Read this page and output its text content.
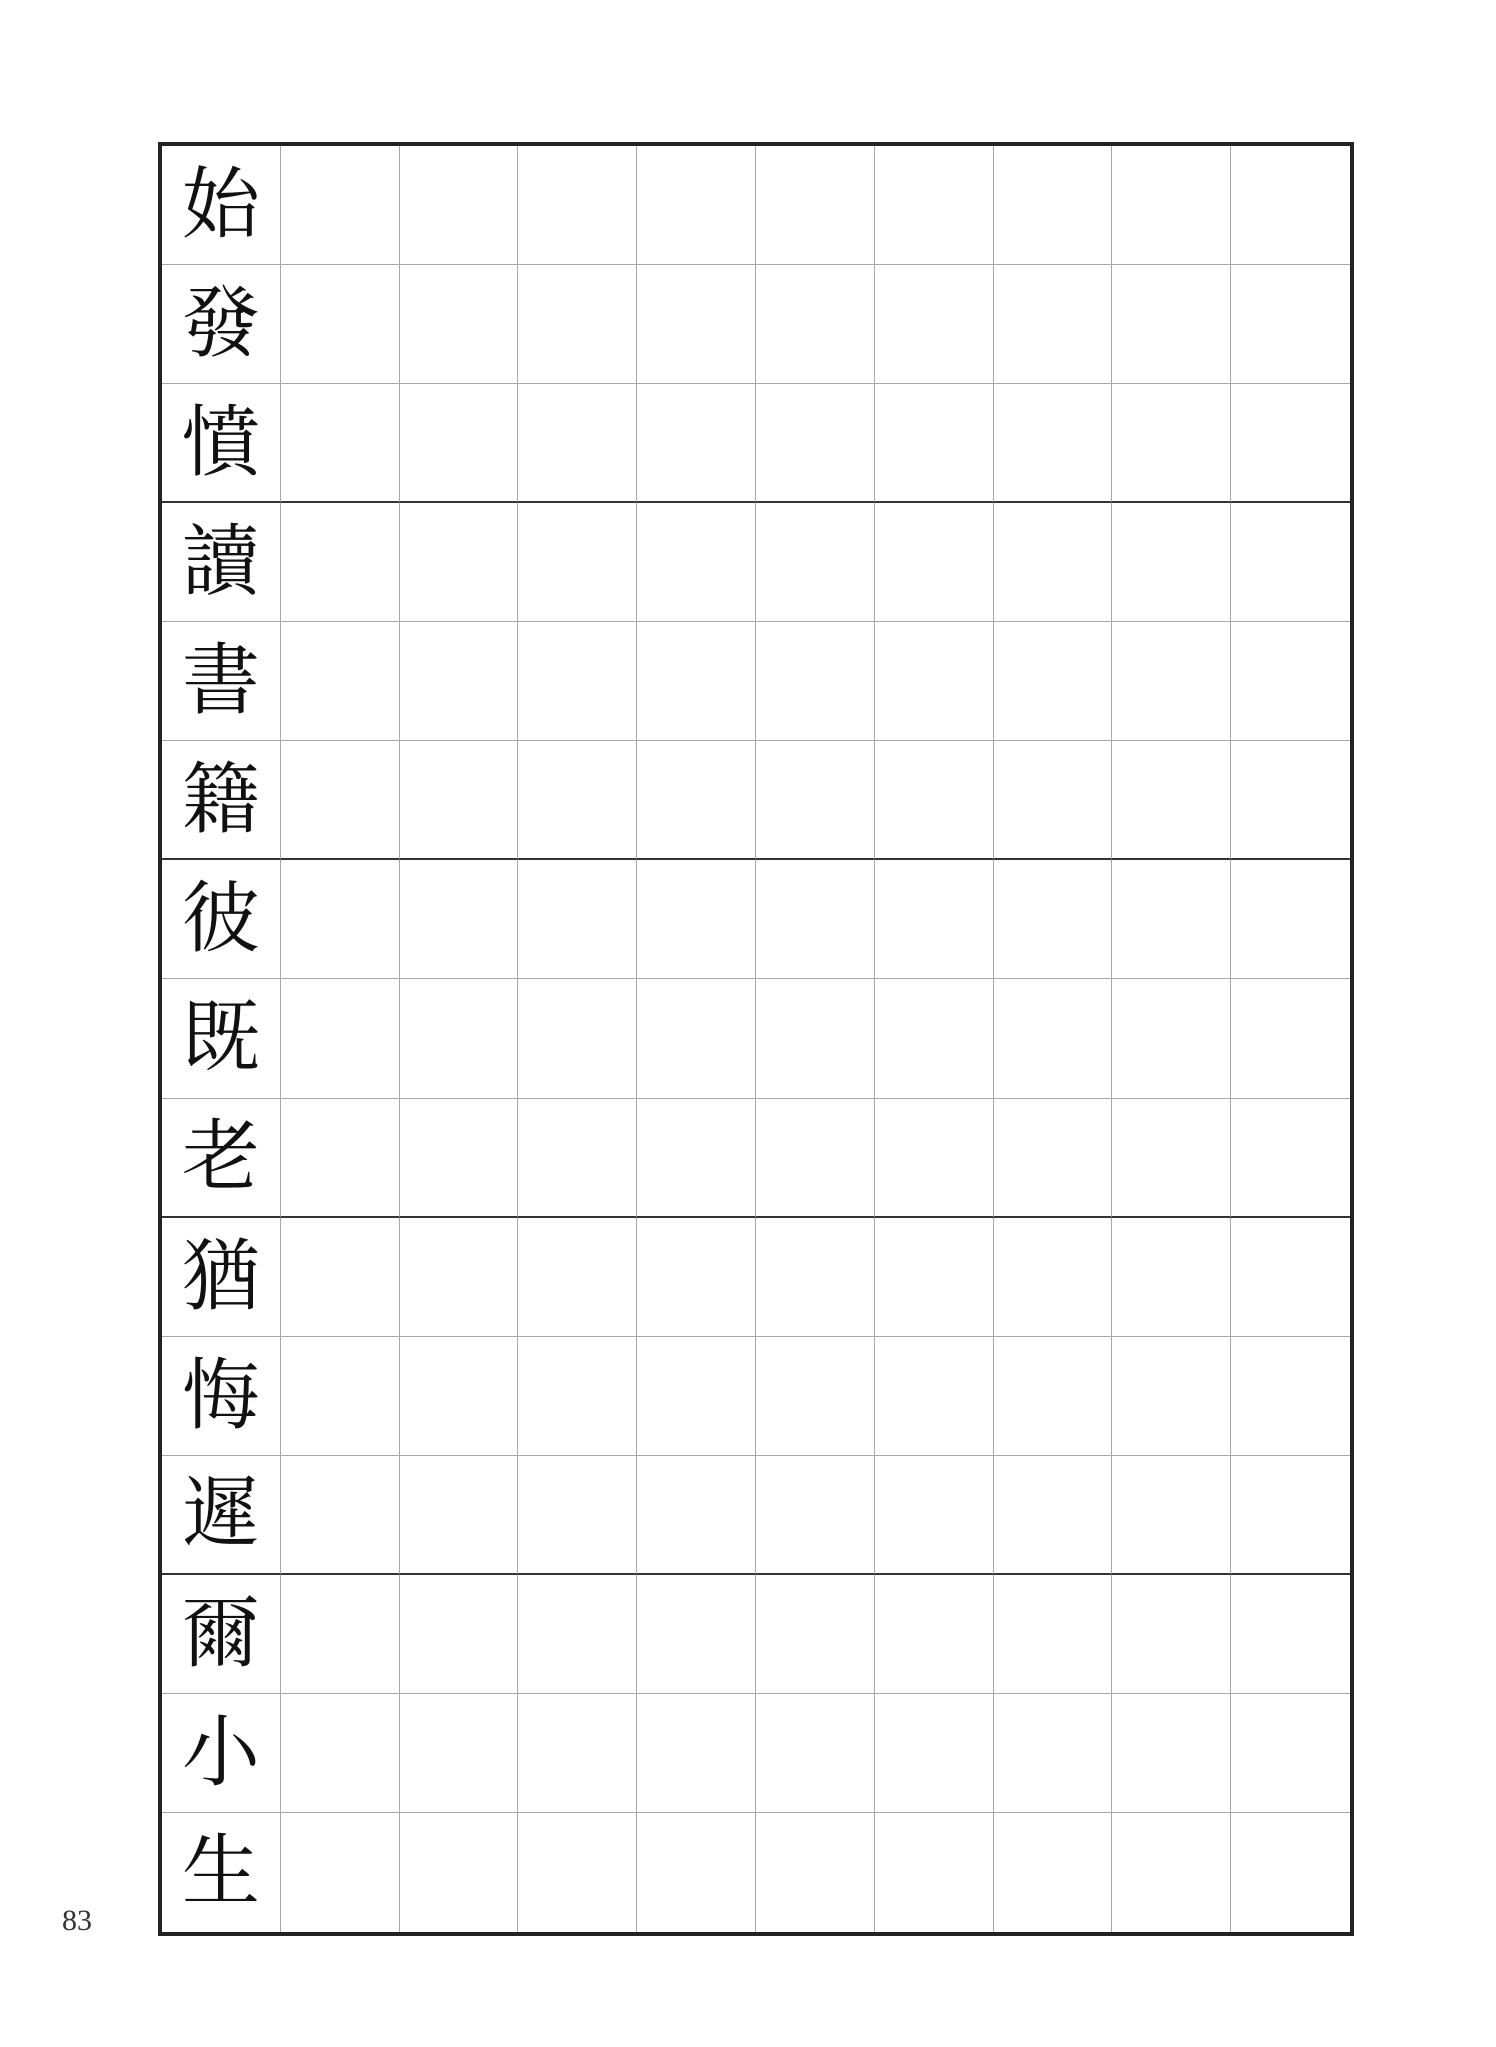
始
發
憤
讀
書
籍
彼
既
老
猶
悔
遲
爾
小
生
83
